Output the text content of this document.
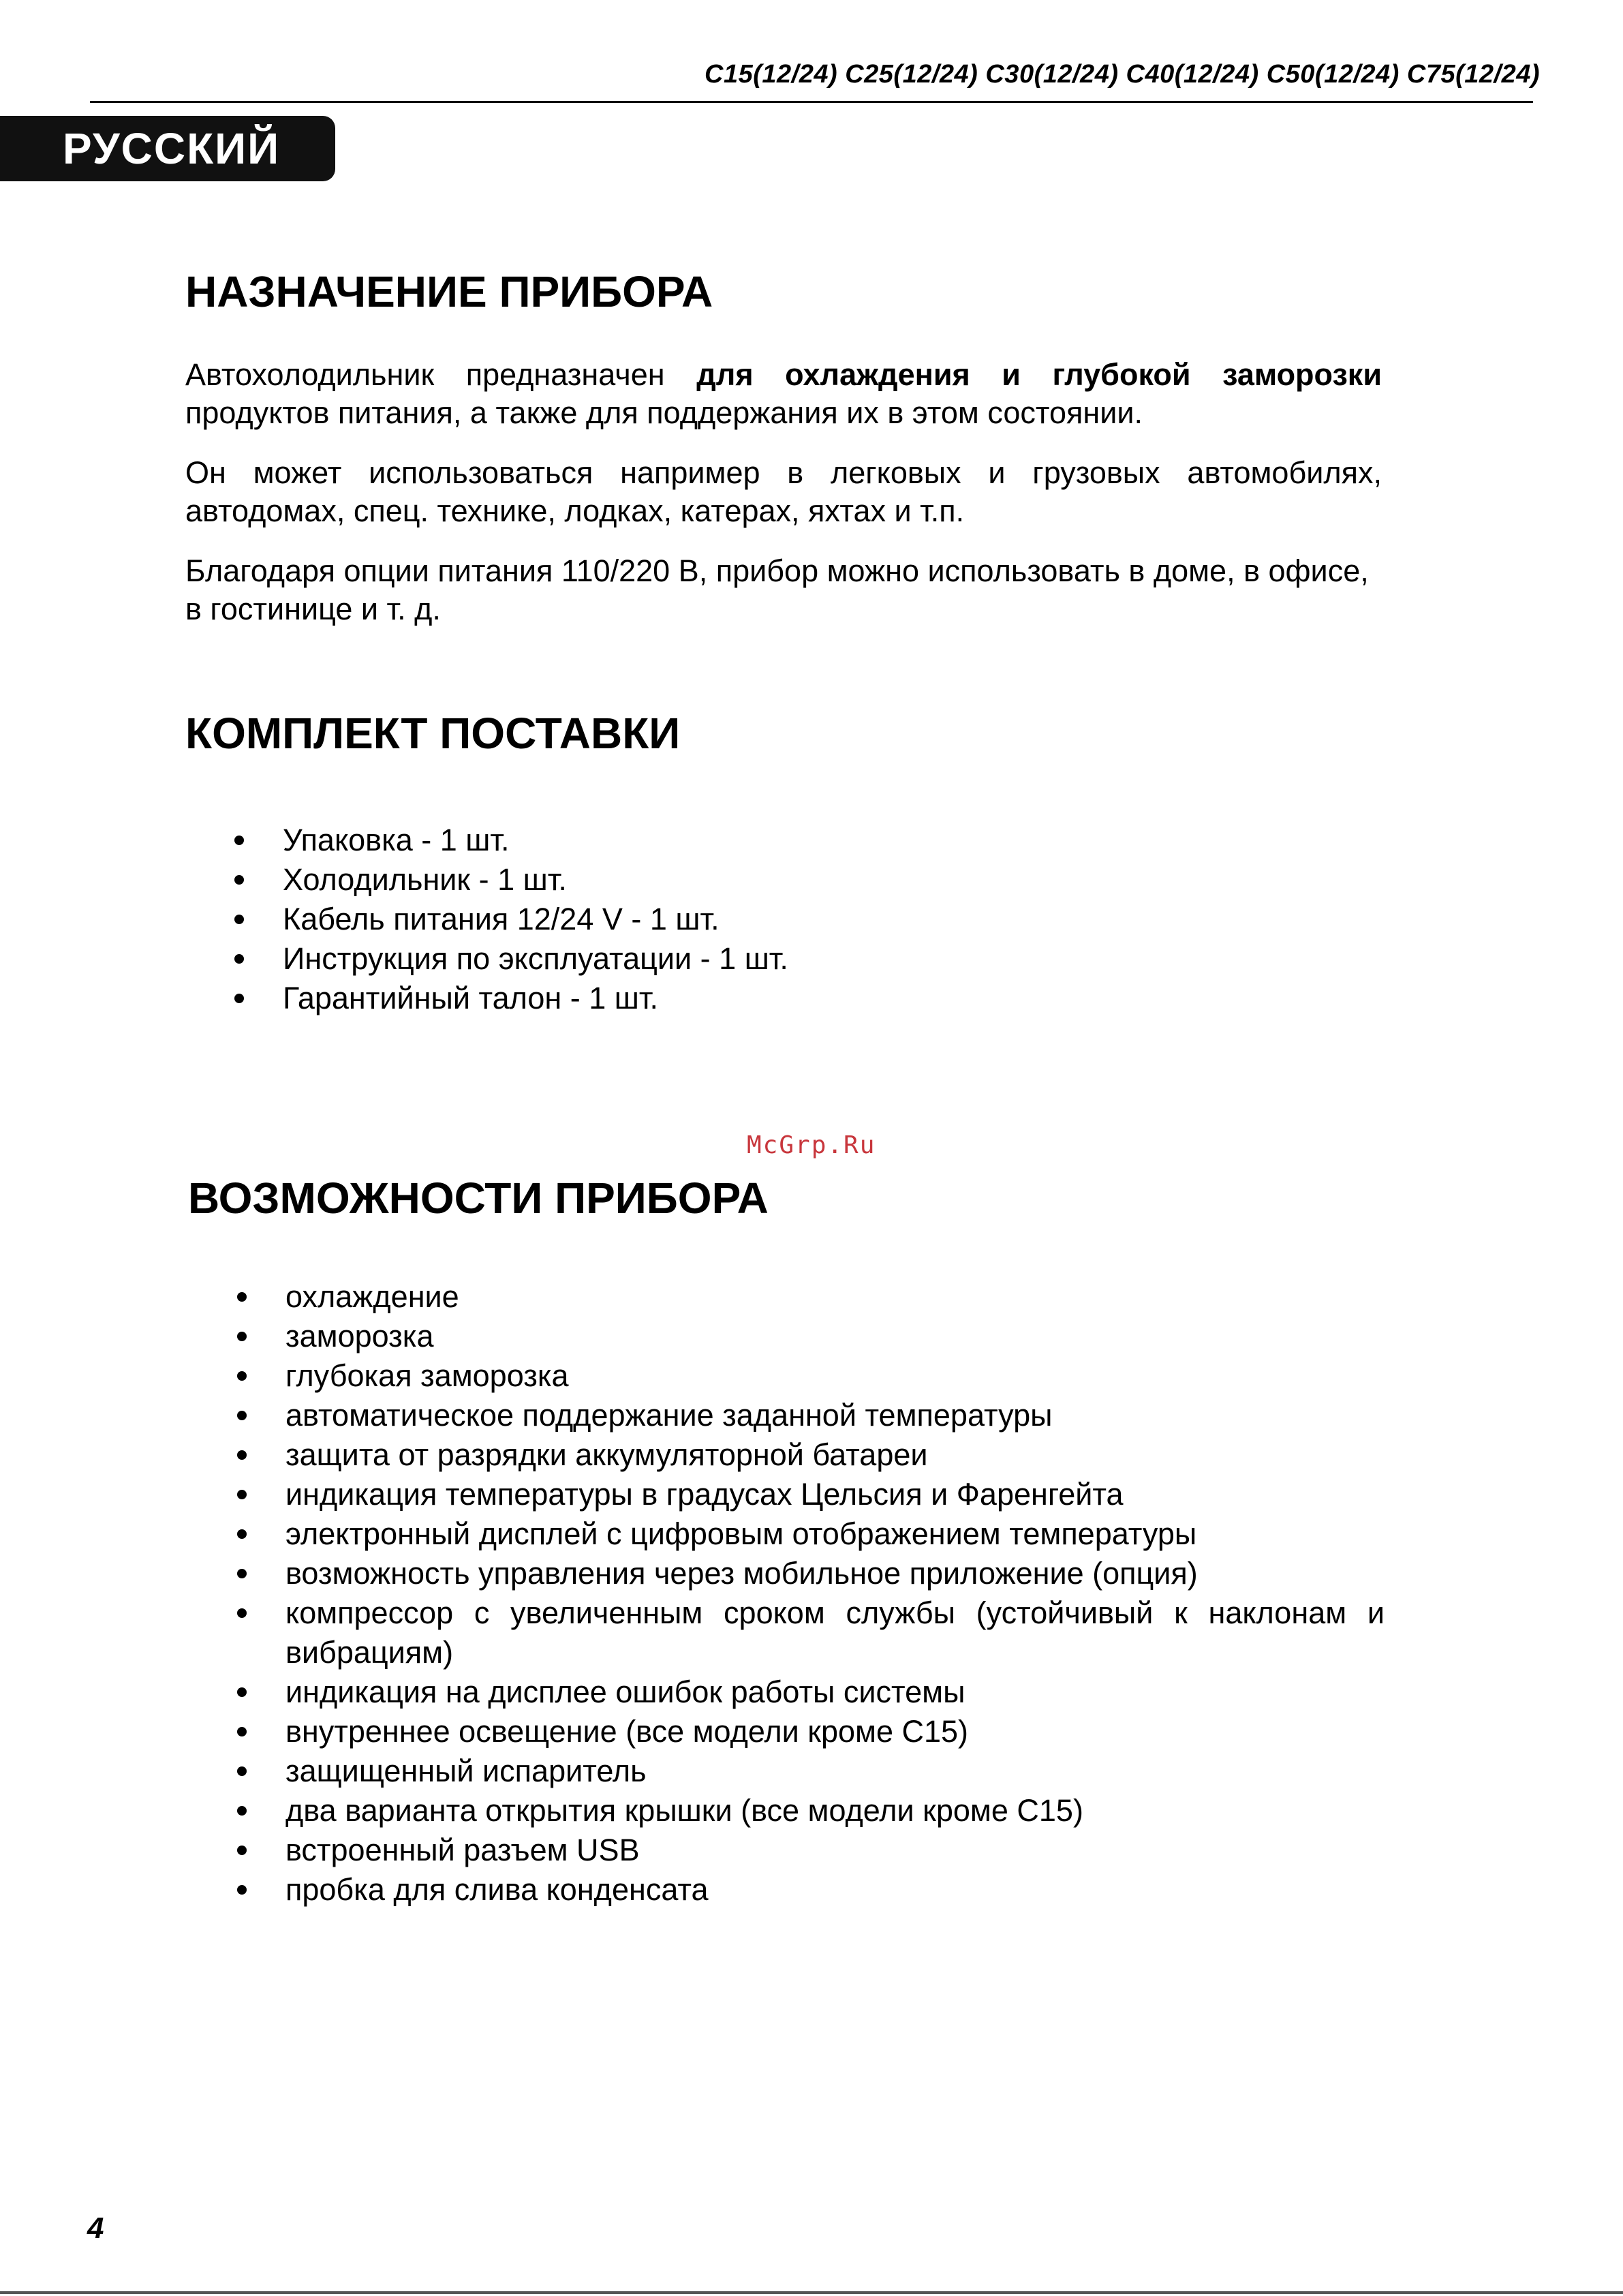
C15(12/24) C25(12/24) C30(12/24) C40(12/24) C50(12/24) C75(12/24)
РУССКИЙ
НАЗНАЧЕНИЕ ПРИБОРА

Автохолодильник предназначен для охлаждения и глубокой заморозки продуктов питания, а также для поддержания их в этом состоянии.

Он может использоваться например в легковых и грузовых автомобилях, автодомах, спец. технике, лодках, катерах, яхтах и т.п.

Благодаря опции питания 110/220 В, прибор можно использовать в доме, в офисе, в гостинице и т. д.

КОМПЛЕКТ ПОСТАВКИ
Упаковка - 1 шт.
Холодильник - 1 шт.
Кабель питания 12/24 V - 1 шт.
Инструкция по эксплуатации - 1 шт.
Гарантийный талон - 1 шт.
McGrp.Ru
ВОЗМОЖНОСТИ ПРИБОРА
охлаждение
заморозка
глубокая заморозка
автоматическое поддержание заданной температуры
защита от разрядки аккумуляторной батареи
индикация температуры в градусах Цельсия и Фаренгейта
электронный дисплей с цифровым отображением температуры
возможность управления через мобильное приложение (опция)
компрессор с увеличенным сроком службы (устойчивый к наклонам и вибрациям)
индикация на дисплее ошибок работы системы
внутреннее освещение (все модели кроме C15)
защищенный испаритель
два варианта открытия крышки (все модели кроме C15)
встроенный разъем USB
пробка для слива конденсата
4
